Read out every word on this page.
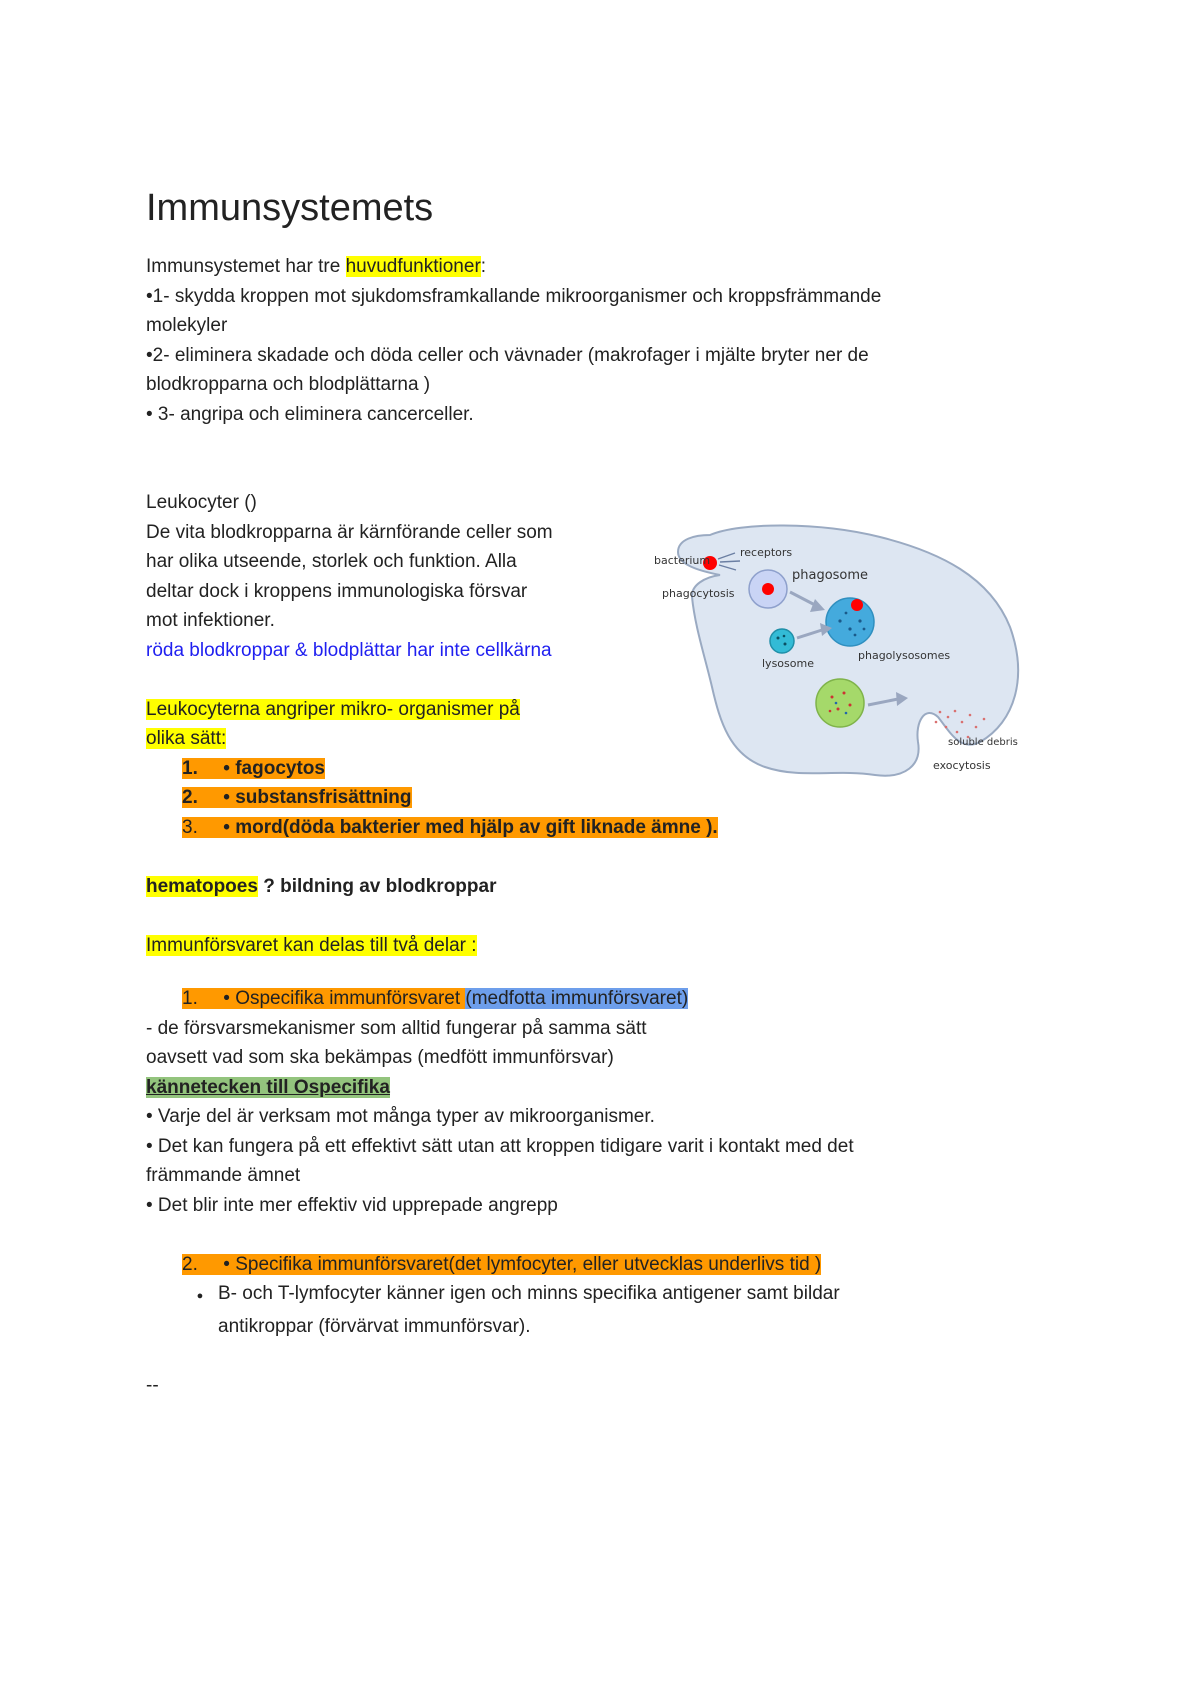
Immunsystemets
Immunsystemet har tre huvudfunktioner:
•1- skydda kroppen mot sjukdomsframkallande mikroorganismer och kroppsfrämmande
molekyler
•2- eliminera skadade och döda celler och vävnader (makrofager i mjälte bryter ner de
blodkropparna och blodplättarna )
• 3- angripa och eliminera cancerceller.
Leukocyter ()
De vita blodkropparna är kärnförande celler som
har olika utseende, storlek och funktion. Alla
deltar dock i kroppens immunologiska försvar
mot infektioner.
röda blodkroppar & blodplättar har inte cellkärna

Leukocyterna angriper mikro- organismer på
olika sätt:
1. • fagocytos
2. • substansfrisättning
3. • mord(döda bakterier med hjälp av gift liknade ämne ).

hematopoes ? bildning av blodkroppar

Immunförsvaret kan delas till två delar :

1. • Ospecifika immunförsvaret (medfotta immunförsvaret)
- de försvarsmekanismer som alltid fungerar på samma sätt
oavsett vad som ska bekämpas (medfött immunförsvar)
kännetecken till Ospecifika
• Varje del är verksam mot många typer av mikroorganismer.
• Det kan fungera på ett effektivt sätt utan att kroppen tidigare varit i kontakt med det
främmande ämnet
• Det blir inte mer effektiv vid upprepade angrepp

2. • Specifika immunförsvaret(det lymfocyter, eller utvecklas underlivs tid )
● B- och T-lymfocyter känner igen och minns specifika antigener samt bildar
antikroppar (förvärvat immunförsvar).

--
bacterium
receptors
phagosome
phagocytosis
lysosome
phagolysosomes
soluble debris
exocytosis
